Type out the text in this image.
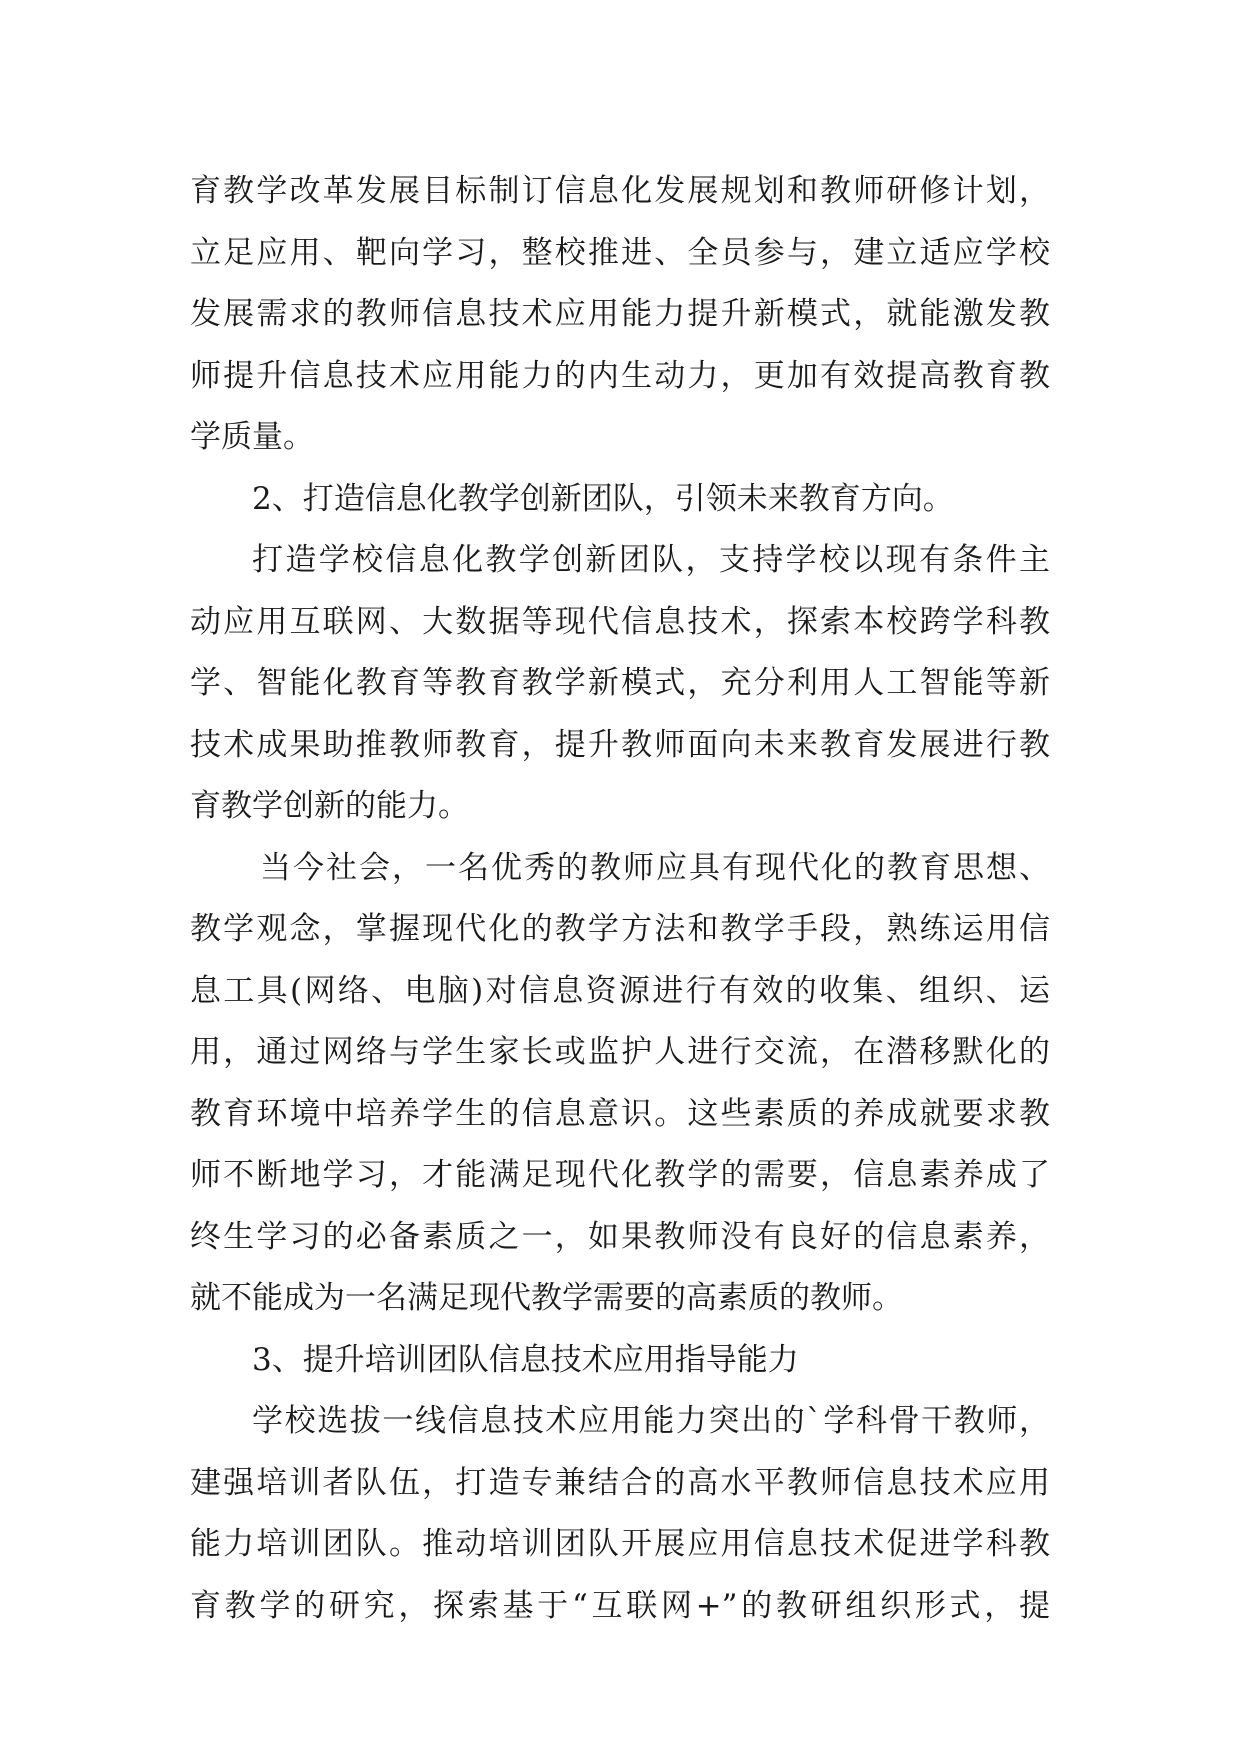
育教学改革发展目标制订信息化发展规划和教师研修计划，
立足应用、靶向学习，整校推进、全员参与，建立适应学校
发展需求的教师信息技术应用能力提升新模式，就能激发教
师提升信息技术应用能力的内生动力，更加有效提高教育教
学质量。
2、打造信息化教学创新团队，引领未来教育方向。
打造学校信息化教学创新团队，支持学校以现有条件主
动应用互联网、大数据等现代信息技术，探索本校跨学科教
学、智能化教育等教育教学新模式，充分利用人工智能等新
技术成果助推教师教育，提升教师面向未来教育发展进行教
育教学创新的能力。
当今社会，一名优秀的教师应具有现代化的教育思想、
教学观念，掌握现代化的教学方法和教学手段，熟练运用信
息工具(网络、电脑)对信息资源进行有效的收集、组织、运
用，通过网络与学生家长或监护人进行交流，在潜移默化的
教育环境中培养学生的信息意识。这些素质的养成就要求教
师不断地学习，才能满足现代化教学的需要，信息素养成了
终生学习的必备素质之一，如果教师没有良好的信息素养，
就不能成为一名满足现代教学需要的高素质的教师。
3、提升培训团队信息技术应用指导能力
学校选拔一线信息技术应用能力突出的`学科骨干教师，
建强培训者队伍，打造专兼结合的高水平教师信息技术应用
能力培训团队。推动培训团队开展应用信息技术促进学科教
育教学的研究，探索基于“互联网+”的教研组织形式，提
